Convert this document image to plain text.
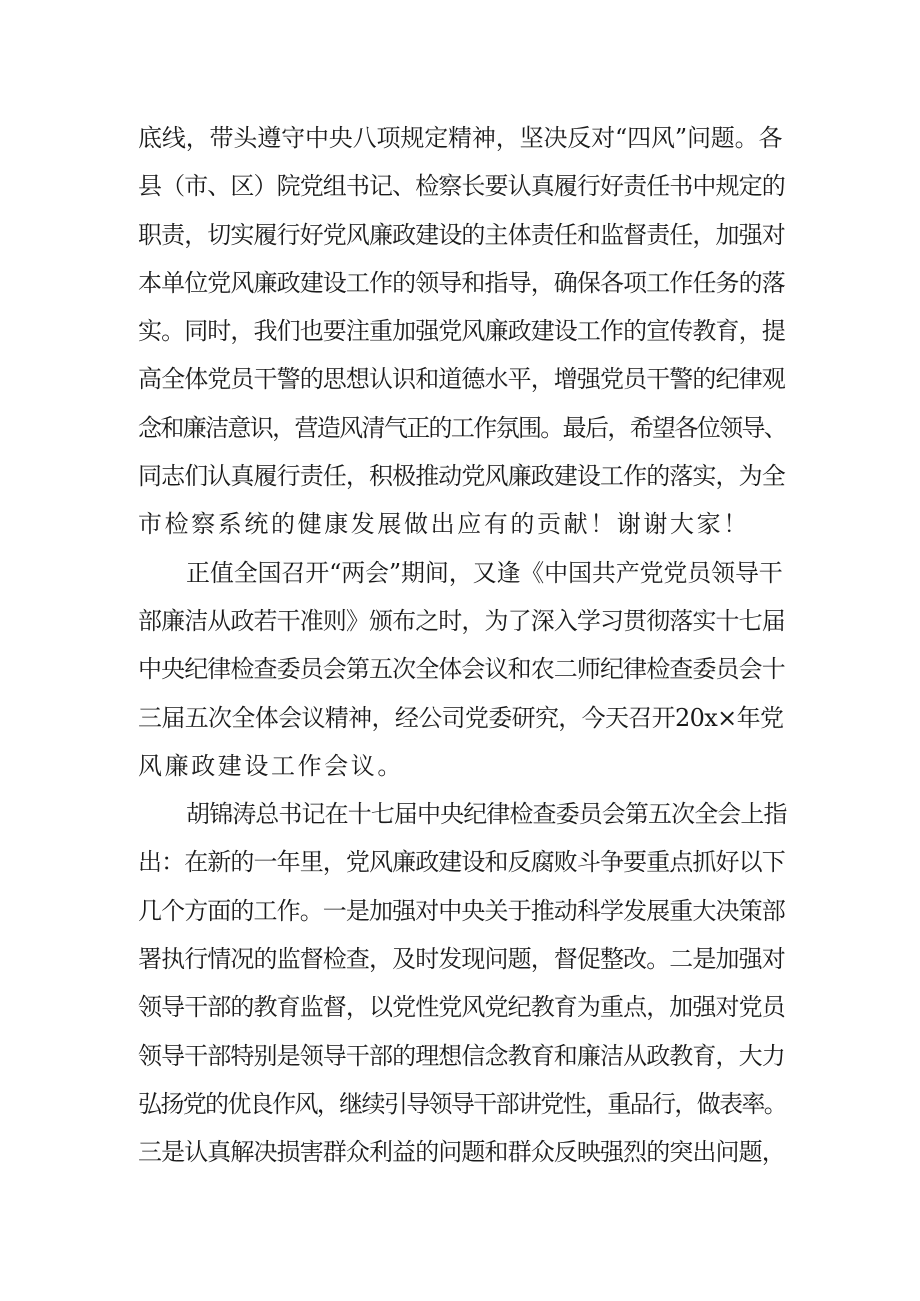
底线，带头遵守中央八项规定精神，坚决反对“四风”问题。各
县（市、区）院党组书记、检察长要认真履行好责任书中规定的
职责，切实履行好党风廉政建设的主体责任和监督责任，加强对
本单位党风廉政建设工作的领导和指导，确保各项工作任务的落
实。同时，我们也要注重加强党风廉政建设工作的宣传教育，提
高全体党员干警的思想认识和道德水平，增强党员干警的纪律观
念和廉洁意识，营造风清气正的工作氛围。最后，希望各位领导、
同志们认真履行责任，积极推动党风廉政建设工作的落实，为全
市检察系统的健康发展做出应有的贡献！谢谢大家！
正值全国召开“两会”期间，又逢《中国共产党党员领导干
部廉洁从政若干准则》颁布之时，为了深入学习贯彻落实十七届
中央纪律检查委员会第五次全体会议和农二师纪律检查委员会十
三届五次全体会议精神，经公司党委研究，今天召开20x×年党
风廉政建设工作会议。
胡锦涛总书记在十七届中央纪律检查委员会第五次全会上指
出：在新的一年里，党风廉政建设和反腐败斗争要重点抓好以下
几个方面的工作。一是加强对中央关于推动科学发展重大决策部
署执行情况的监督检查，及时发现问题，督促整改。二是加强对
领导干部的教育监督，以党性党风党纪教育为重点，加强对党员
领导干部特别是领导干部的理想信念教育和廉洁从政教育，大力
弘扬党的优良作风，继续引导领导干部讲党性，重品行，做表率。
三是认真解决损害群众利益的问题和群众反映强烈的突出问题，
